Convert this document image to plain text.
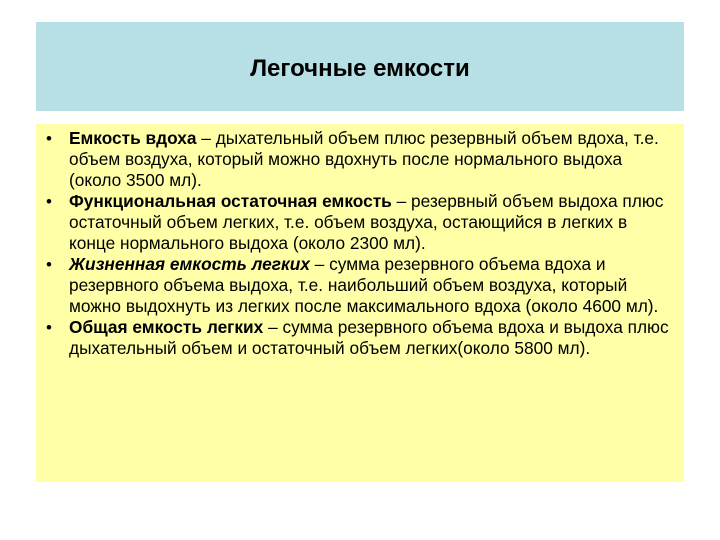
Легочные емкости
• Емкость вдоха – дыхательный объем плюс резервный объем вдоха, т.е. объем воздуха, который можно вдохнуть после нормального выдоха (около 3500 мл).
• Функциональная остаточная емкость – резервный объем выдоха плюс остаточный объем легких, т.е. объем воздуха, остающийся в легких в конце нормального выдоха (около 2300 мл).
• Жизненная емкость легких – сумма резервного объема вдоха и резервного объема выдоха, т.е. наибольший объем воздуха, который можно выдохнуть из легких после максимального вдоха (около 4600 мл).
• Общая емкость легких – сумма резервного объема вдоха и выдоха плюс дыхательный объем и остаточный объем легких(около 5800 мл).
